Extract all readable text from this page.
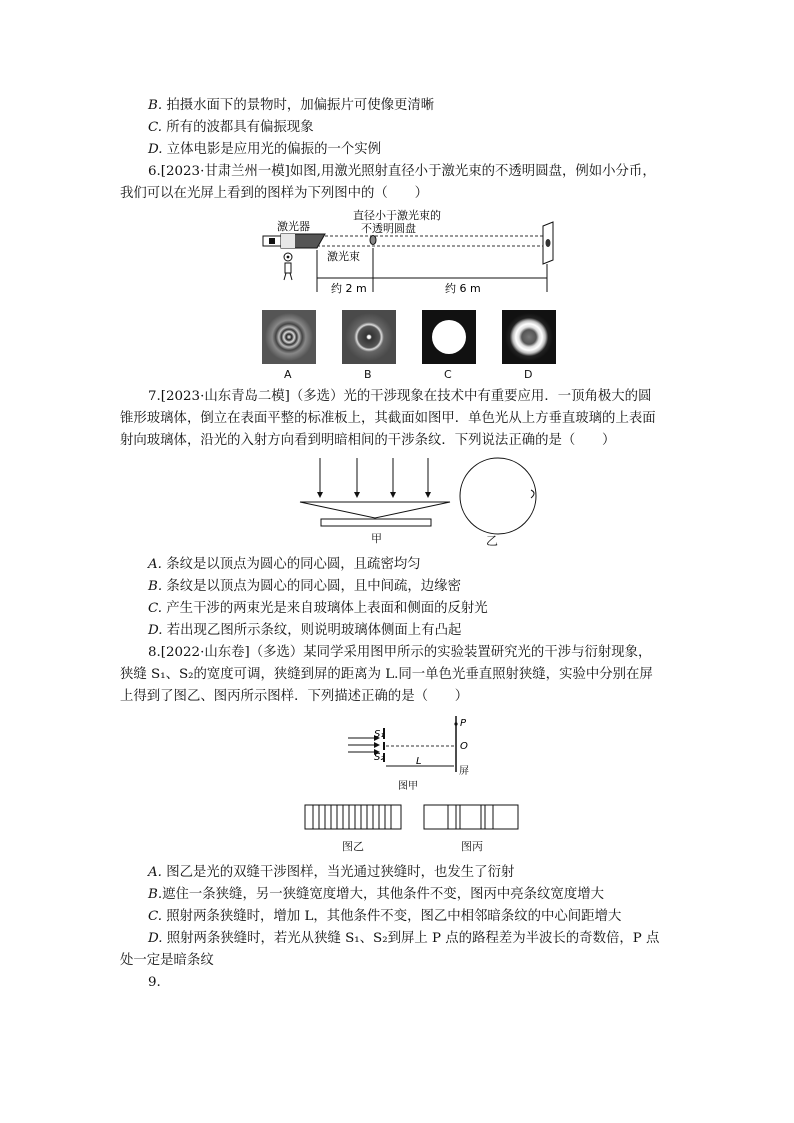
B. 拍摄水面下的景物时，加偏振片可使像更清晰
C. 所有的波都具有偏振现象
D. 立体电影是应用光的偏振的一个实例
6.[2023·甘肃兰州一模]如图,用激光照射直径小于激光束的不透明圆盘，例如小分币，
我们可以在光屏上看到的图样为下列图中的（　　）
激光器
激光束
直径小于激光束的
不透明圆盘
约 2 m	约 6 m
A	B	C	D
7.[2023·山东青岛二模]（多选）光的干涉现象在技术中有重要应用．一顶角极大的圆
锥形玻璃体，倒立在表面平整的标准板上，其截面如图甲．单色光从上方垂直玻璃的上表面
射向玻璃体，沿光的入射方向看到明暗相间的干涉条纹．下列说法正确的是（　　）
甲	乙
A. 条纹是以顶点为圆心的同心圆，且疏密均匀
B. 条纹是以顶点为圆心的同心圆，且中间疏，边缘密
C. 产生干涉的两束光是来自玻璃体上表面和侧面的反射光
D. 若出现乙图所示条纹，则说明玻璃体侧面上有凸起
8.[2022·山东卷]（多选）某同学采用图甲所示的实验装置研究光的干涉与衍射现象，
狭缝 S₁、S₂的宽度可调，狭缝到屏的距离为 L.同一单色光垂直照射狭缝，实验中分别在屏
上得到了图乙、图丙所示图样．下列描述正确的是（　　）
S₁
S₂
P
O
L
屏
图甲
图乙	图丙
A. 图乙是光的双缝干涉图样，当光通过狭缝时，也发生了衍射
B.遮住一条狭缝，另一狭缝宽度增大，其他条件不变，图丙中亮条纹宽度增大
C. 照射两条狭缝时，增加 L，其他条件不变，图乙中相邻暗条纹的中心间距增大
D. 照射两条狭缝时，若光从狭缝 S₁、S₂到屏上 P 点的路程差为半波长的奇数倍，P 点
处一定是暗条纹
9.
